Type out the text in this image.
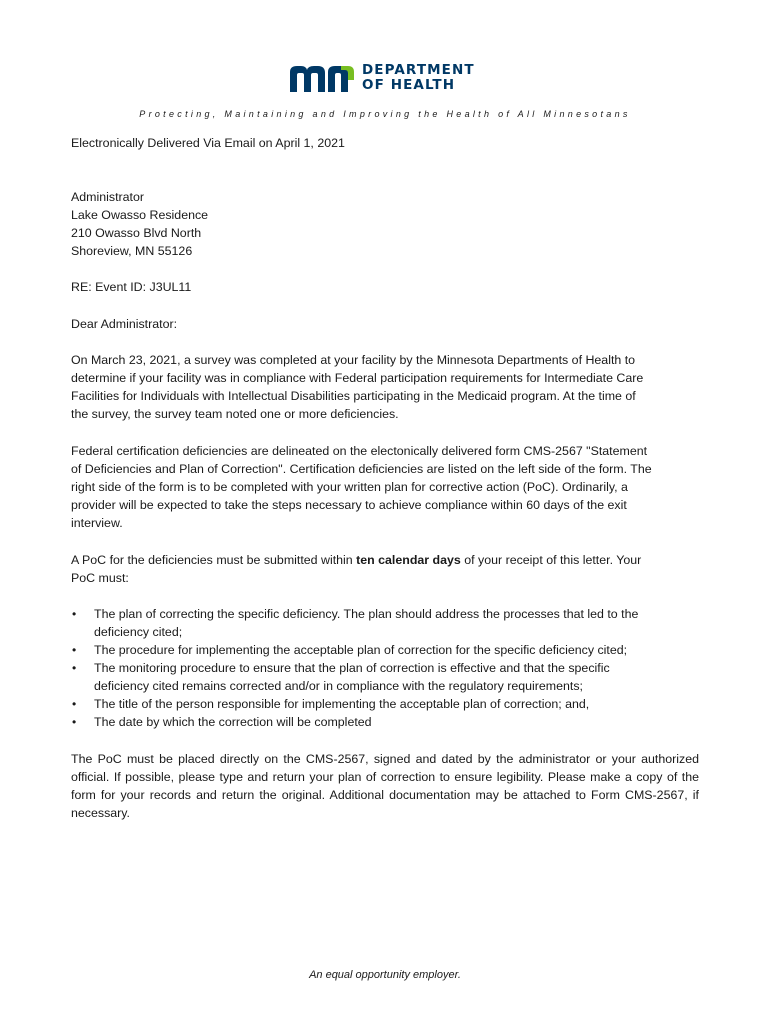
DEPARTMENT
OF HEALTH
Protecting, Maintaining and Improving the Health of All Minnesotans
Electronically Delivered Via Email on April 1, 2021
Administrator
Lake Owasso Residence
210 Owasso Blvd North
Shoreview, MN 55126
RE: Event ID: J3UL11
Dear Administrator:
On March 23, 2021, a survey was completed at your facility by the Minnesota Departments of Health to
determine if your facility was in compliance with Federal participation requirements for Intermediate Care
Facilities for Individuals with Intellectual Disabilities participating in the Medicaid program. At the time of
the survey, the survey team noted one or more deficiencies.
Federal certification deficiencies are delineated on the electonically delivered form CMS-2567 "Statement
of Deficiencies and Plan of Correction". Certification deficiencies are listed on the left side of the form. The
right side of the form is to be completed with your written plan for corrective action (PoC). Ordinarily, a
provider will be expected to take the steps necessary to achieve compliance within 60 days of the exit
interview.
A PoC for the deficiencies must be submitted within ten calendar days of your receipt of this letter. Your
PoC must:
• The plan of correcting the specific deficiency. The plan should address the processes that led to the
deficiency cited;
• The procedure for implementing the acceptable plan of correction for the specific deficiency cited;
• The monitoring procedure to ensure that the plan of correction is effective and that the specific
deficiency cited remains corrected and/or in compliance with the regulatory requirements;
• The title of the person responsible for implementing the acceptable plan of correction; and,
• The date by which the correction will be completed

The PoC must be placed directly on the CMS-2567, signed and dated by the administrator or your authorized official. If possible, please type and return your plan of correction to ensure legibility. Please make a copy of the form for your records and return the original. Additional documentation may be attached to Form CMS-2567, if necessary.

An equal opportunity employer.
